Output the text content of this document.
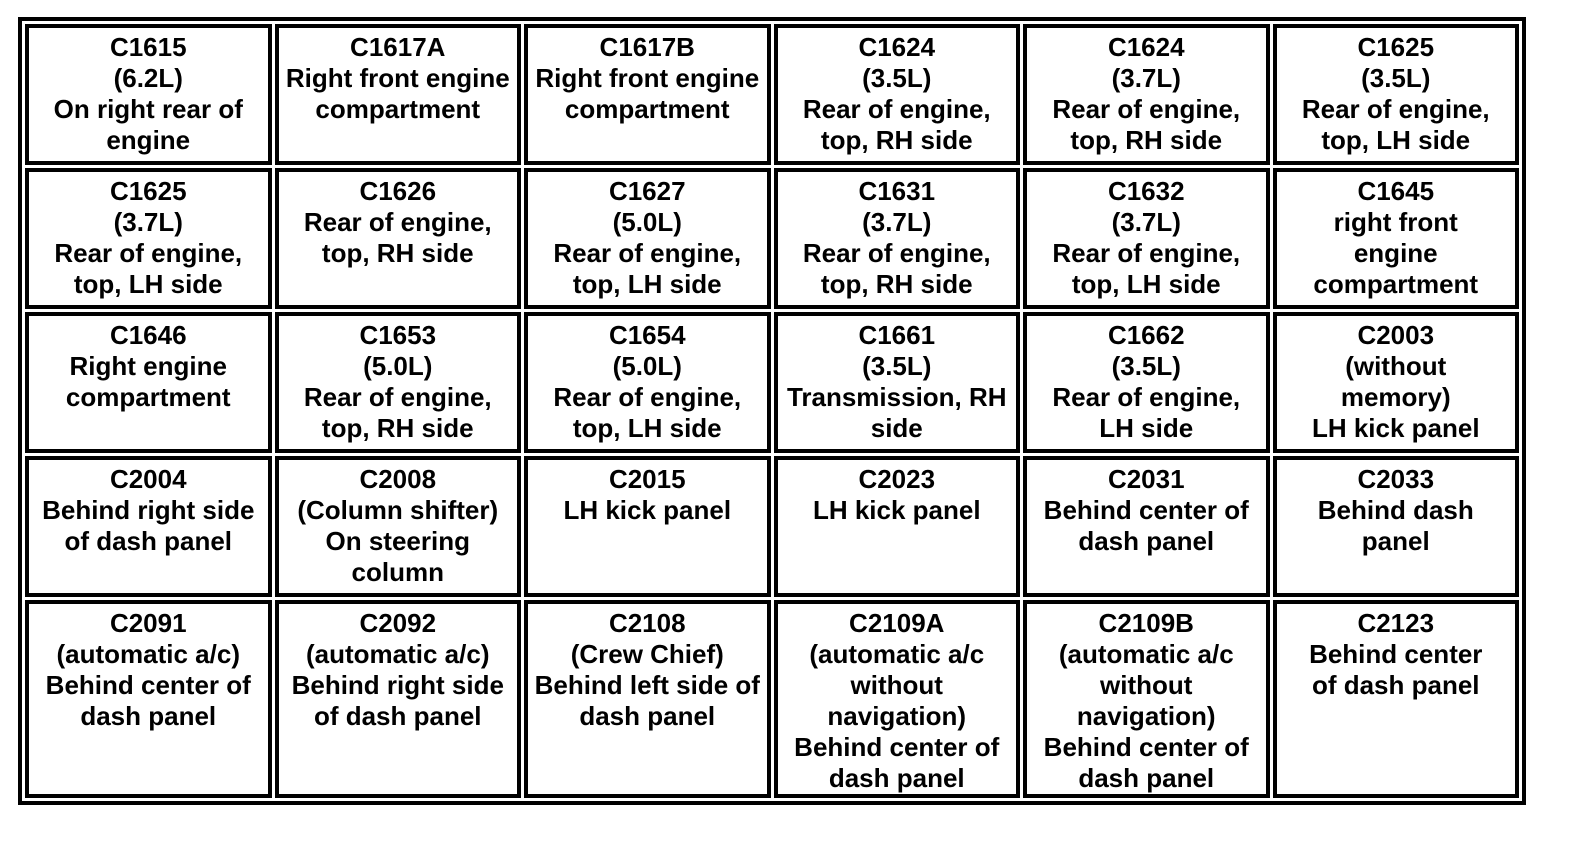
C1615
(6.2L)
On right rear of
engine
C1617A
Right front engine
compartment
C1617B
Right front engine
compartment
C1624
(3.5L)
Rear of engine,
top, RH side
C1624
(3.7L)
Rear of engine,
top, RH side
C1625
(3.5L)
Rear of engine,
top, LH side
C1625
(3.7L)
Rear of engine,
top, LH side
C1626
Rear of engine,
top, RH side
C1627
(5.0L)
Rear of engine,
top, LH side
C1631
(3.7L)
Rear of engine,
top, RH side
C1632
(3.7L)
Rear of engine,
top, LH side
C1645
right front
engine
compartment
C1646
Right engine
compartment
C1653
(5.0L)
Rear of engine,
top, RH side
C1654
(5.0L)
Rear of engine,
top, LH side
C1661
(3.5L)
Transmission, RH
side
C1662
(3.5L)
Rear of engine,
LH side
C2003
(without
memory)
LH kick panel
C2004
Behind right side
of dash panel
C2008
(Column shifter)
On steering
column
C2015
LH kick panel
C2023
LH kick panel
C2031
Behind center of
dash panel
C2033
Behind dash
panel
C2091
(automatic a/c)
Behind center of
dash panel
C2092
(automatic a/c)
Behind right side
of dash panel
C2108
(Crew Chief)
Behind left side of
dash panel
C2109A
(automatic a/c
without
navigation)
Behind center of
dash panel
C2109B
(automatic a/c
without
navigation)
Behind center of
dash panel
C2123
Behind center
of dash panel
